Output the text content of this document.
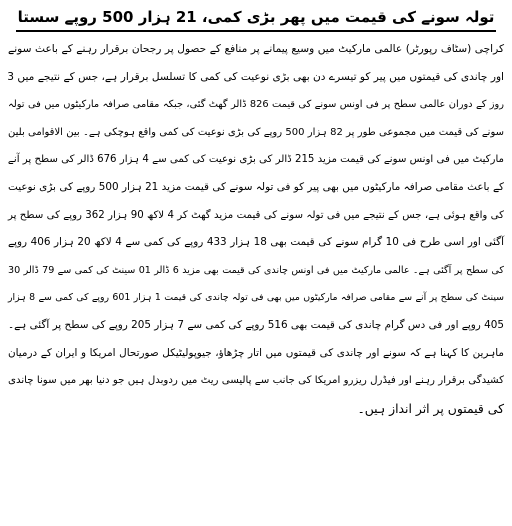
تولہ سونے کی قیمت میں پھر بڑی کمی، 21 ہزار 500 روپے سستا
کراچی (سٹاف رپورٹر) عالمی مارکیٹ میں وسیع پیمانے پر منافع کے حصول پر رجحان برقرار رہنے کے باعث سونے
اور چاندی کی قیمتوں میں پیر کو تیسرے دن بھی بڑی نوعیت کی کمی کا تسلسل برقرار ہے، جس کے نتیجے میں 3
روز کے دوران عالمی سطح پر فی اونس سونے کی قیمت 826 ڈالر گھٹ گئی، جبکہ مقامی صرافہ مارکیٹوں میں فی تولہ
سونے کی قیمت میں مجموعی طور پر 82 ہزار 500 روپے کی بڑی نوعیت کی کمی واقع ہوچکی ہے۔ بین الاقوامی بلین
مارکیٹ میں فی اونس سونے کی قیمت مزید 215 ڈالر کی بڑی نوعیت کی کمی سے 4 ہزار 676 ڈالر کی سطح پر آنے
کے باعث مقامی صرافہ مارکیٹوں میں بھی پیر کو فی تولہ سونے کی قیمت مزید 21 ہزار 500 روپے کی بڑی نوعیت
کی واقع ہوئی ہے، جس کے نتیجے میں فی تولہ سونے کی قیمت مزید گھٹ کر 4 لاکھ 90 ہزار 362 روپے کی سطح پر
آگئی اور اسی طرح فی 10 گرام سونے کی قیمت بھی 18 ہزار 433 روپے کی کمی سے 4 لاکھ 20 ہزار 406 روپے
کی سطح پر آگئی ہے۔ عالمی مارکیٹ میں فی اونس چاندی کی قیمت بھی مزید 6 ڈالر 01 سینٹ کی کمی سے 79 ڈالر 30
سینٹ کی سطح پر آنے سے مقامی صرافہ مارکیٹوں میں بھی فی تولہ چاندی کی قیمت 1 ہزار 601 روپے کی کمی سے 8 ہزار
405 روپے اور فی دس گرام چاندی کی قیمت بھی 516 روپے کی کمی سے 7 ہزار 205 روپے کی سطح پر آگئی ہے۔
ماہرین کا کہنا ہے کہ سونے اور چاندی کی قیمتوں میں اتار چڑھاؤ، جیوپولیٹیکل صورتحال امریکا و ایران کے درمیان
کشیدگی برقرار رہنے اور فیڈرل ریزرو امریکا کی جانب سے پالیسی ریٹ میں ردوبدل ہیں جو دنیا بھر میں سونا چاندی
کی قیمتوں پر اثر انداز ہیں۔
